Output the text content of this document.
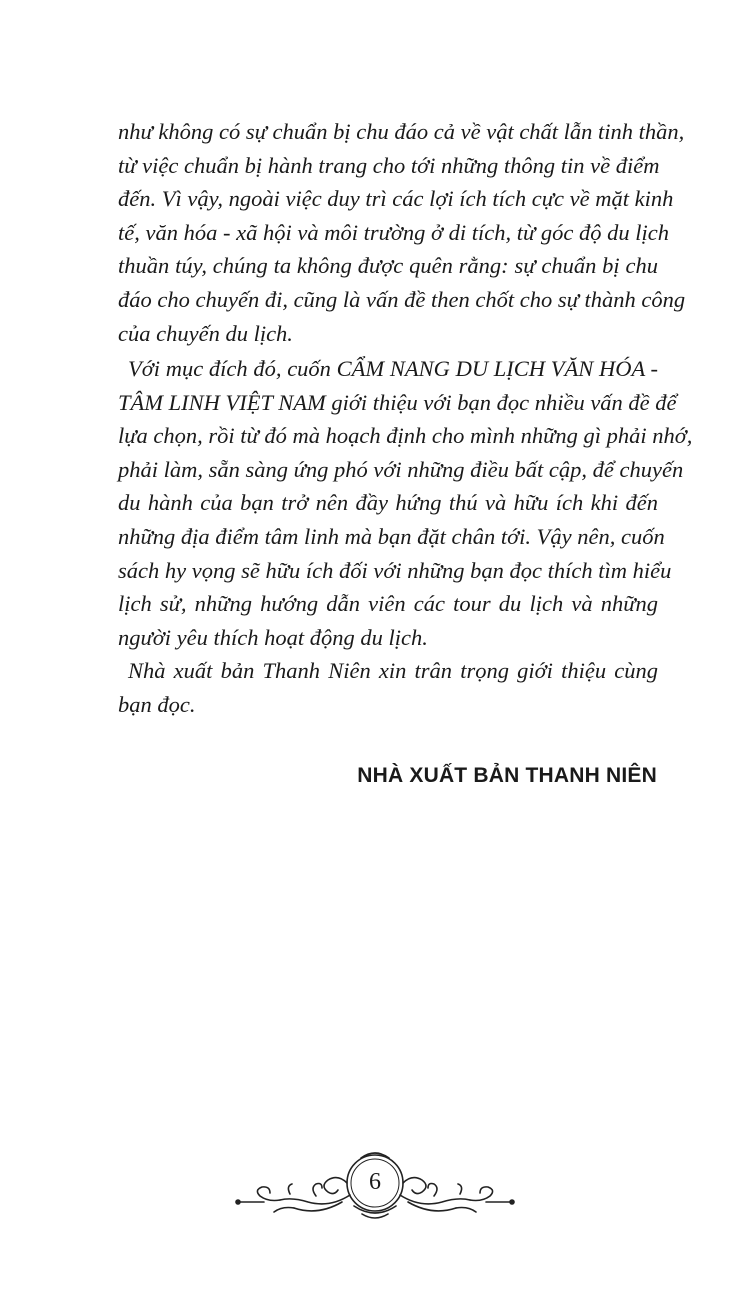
như không có sự chuẩn bị chu đáo cả về vật chất lẫn tinh thần,
từ việc chuẩn bị hành trang cho tới những thông tin về điểm
đến. Vì vậy, ngoài việc duy trì các lợi ích tích cực về mặt kinh
tế, văn hóa - xã hội và môi trường ở di tích, từ góc độ du lịch
thuần túy, chúng ta không được quên rằng: sự chuẩn bị chu
đáo cho chuyến đi, cũng là vấn đề then chốt cho sự thành công
của chuyến du lịch.
Với mục đích đó, cuốn CẨM NANG DU LỊCH VĂN HÓA -
TÂM LINH VIỆT NAM giới thiệu với bạn đọc nhiều vấn đề để
lựa chọn, rồi từ đó mà hoạch định cho mình những gì phải nhớ,
phải làm, sẵn sàng ứng phó với những điều bất cập, để chuyến
du hành của bạn trở nên đầy hứng thú và hữu ích khi đến
những địa điểm tâm linh mà bạn đặt chân tới. Vậy nên, cuốn
sách hy vọng sẽ hữu ích đối với những bạn đọc thích tìm hiểu
lịch sử, những hướng dẫn viên các tour du lịch và những
người yêu thích hoạt động du lịch.
Nhà xuất bản Thanh Niên xin trân trọng giới thiệu cùng
bạn đọc.
NHÀ XUẤT BẢN THANH NIÊN
6
